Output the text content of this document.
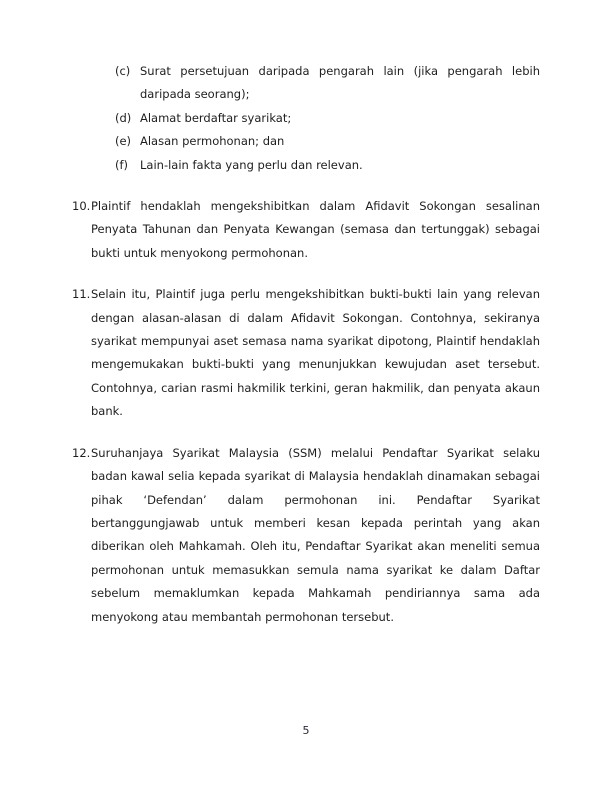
(c) Surat persetujuan daripada pengarah lain (jika pengarah lebih daripada seorang);
(d) Alamat berdaftar syarikat;
(e) Alasan permohonan; dan
(f)	Lain-lain fakta yang perlu dan relevan.
10. Plaintif hendaklah mengekshibitkan dalam Afidavit Sokongan sesalinan Penyata Tahunan dan Penyata Kewangan (semasa dan tertunggak) sebagai bukti untuk menyokong permohonan.
11. Selain itu, Plaintif juga perlu mengekshibitkan bukti-bukti lain yang relevan dengan alasan-alasan di dalam Afidavit Sokongan. Contohnya, sekiranya syarikat mempunyai aset semasa nama syarikat dipotong, Plaintif hendaklah mengemukakan bukti-bukti yang menunjukkan kewujudan aset tersebut. Contohnya, carian rasmi hakmilik terkini, geran hakmilik, dan penyata akaun bank.
12. Suruhanjaya Syarikat Malaysia (SSM) melalui Pendaftar Syarikat selaku badan kawal selia kepada syarikat di Malaysia hendaklah dinamakan sebagai pihak ‘Defendan’ dalam permohonan ini. Pendaftar Syarikat bertanggungjawab untuk memberi kesan kepada perintah yang akan diberikan oleh Mahkamah. Oleh itu, Pendaftar Syarikat akan meneliti semua permohonan untuk memasukkan semula nama syarikat ke dalam Daftar sebelum memaklumkan kepada Mahkamah pendiriannya sama ada menyokong atau membantah permohonan tersebut.
5
